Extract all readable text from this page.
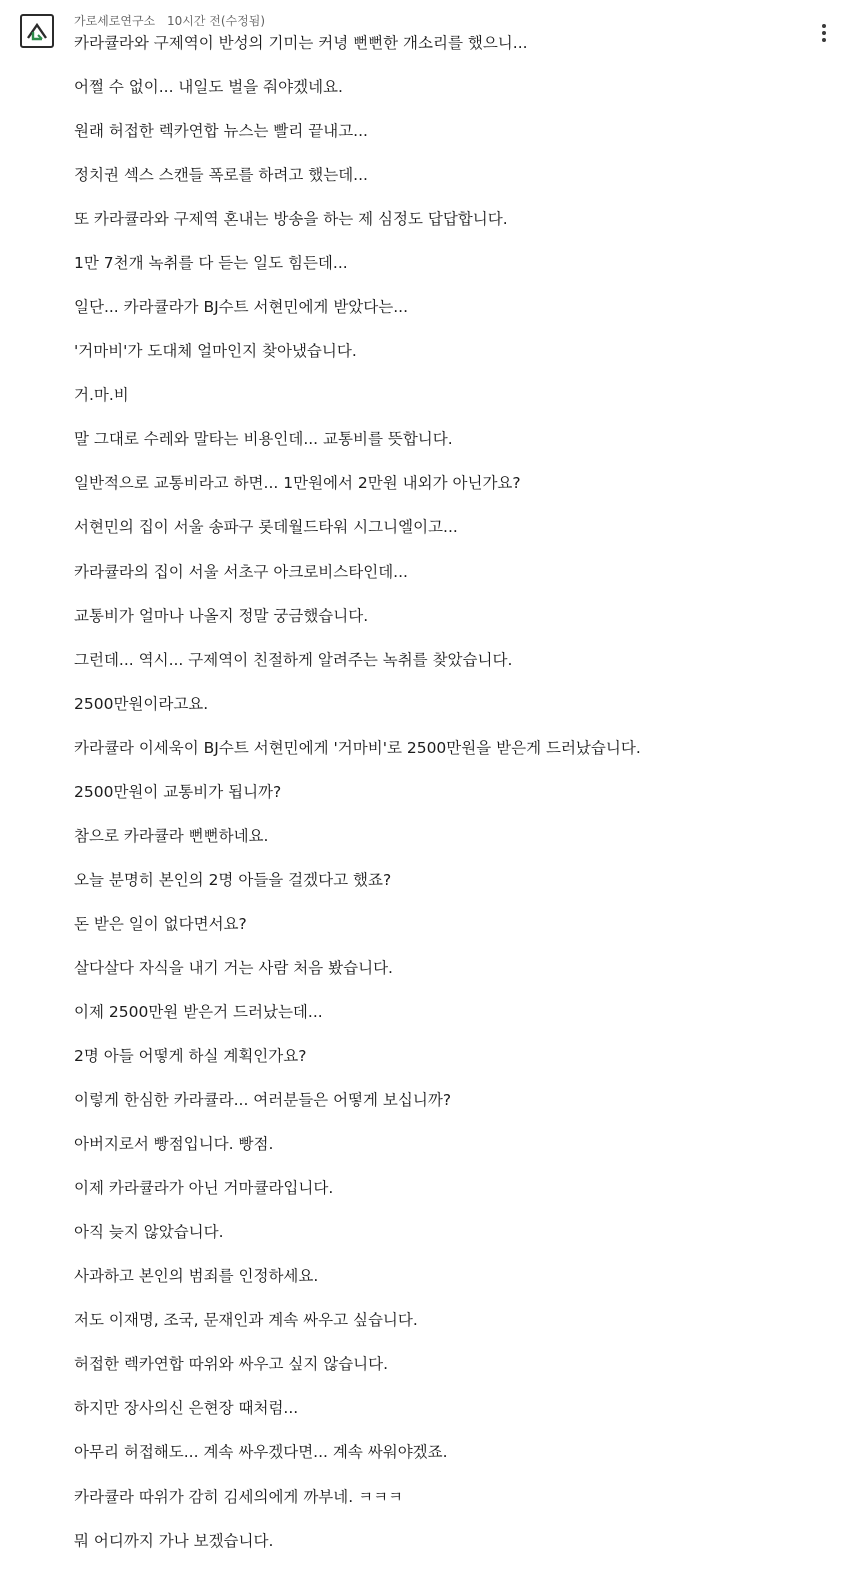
가로세로연구소 10시간 전(수정됨)
카라큘라와 구제역이 반성의 기미는 커녕 뻔뻔한 개소리를 했으니...
어쩔 수 없이... 내일도 벌을 줘야겠네요.
원래 허접한 렉카연합 뉴스는 빨리 끝내고...
정치권 섹스 스캔들 폭로를 하려고 했는데...
또 카라큘라와 구제역 혼내는 방송을 하는 제 심정도 답답합니다.
1만 7천개 녹취를 다 듣는 일도 힘든데...
일단... 카라큘라가 BJ수트 서현민에게 받았다는...
'거마비'가 도대체 얼마인지 찾아냈습니다.
거.마.비
말 그대로 수레와 말타는 비용인데... 교통비를 뜻합니다.
일반적으로 교통비라고 하면... 1만원에서 2만원 내외가 아닌가요?
서현민의 집이 서울 송파구 롯데월드타워 시그니엘이고...
카라큘라의 집이 서울 서초구 아크로비스타인데...
교통비가 얼마나 나올지 정말 궁금했습니다.
그런데... 역시... 구제역이 친절하게 알려주는 녹취를 찾았습니다.
2500만원이라고요.
카라큘라 이세욱이 BJ수트 서현민에게 '거마비'로 2500만원을 받은게 드러났습니다.
2500만원이 교통비가 됩니까?
참으로 카라큘라 뻔뻔하네요.
오늘 분명히 본인의 2명 아들을 걸겠다고 했죠?
돈 받은 일이 없다면서요?
살다살다 자식을 내기 거는 사람 처음 봤습니다.
이제 2500만원 받은거 드러났는데...
2명 아들 어떻게 하실 계획인가요?
이렇게 한심한 카라큘라... 여러분들은 어떻게 보십니까?
아버지로서 빵점입니다. 빵점.
이제 카라큘라가 아닌 거마큘라입니다.
아직 늦지 않았습니다.
사과하고 본인의 범죄를 인정하세요.
저도 이재명, 조국, 문재인과 계속 싸우고 싶습니다.
허접한 렉카연합 따위와 싸우고 싶지 않습니다.
하지만 장사의신 은현장 때처럼...
아무리 허접해도... 계속 싸우겠다면... 계속 싸워야겠죠.
카라큘라 따위가 감히 김세의에게 까부네. ㅋㅋㅋ
뭐 어디까지 가나 보겠습니다.
